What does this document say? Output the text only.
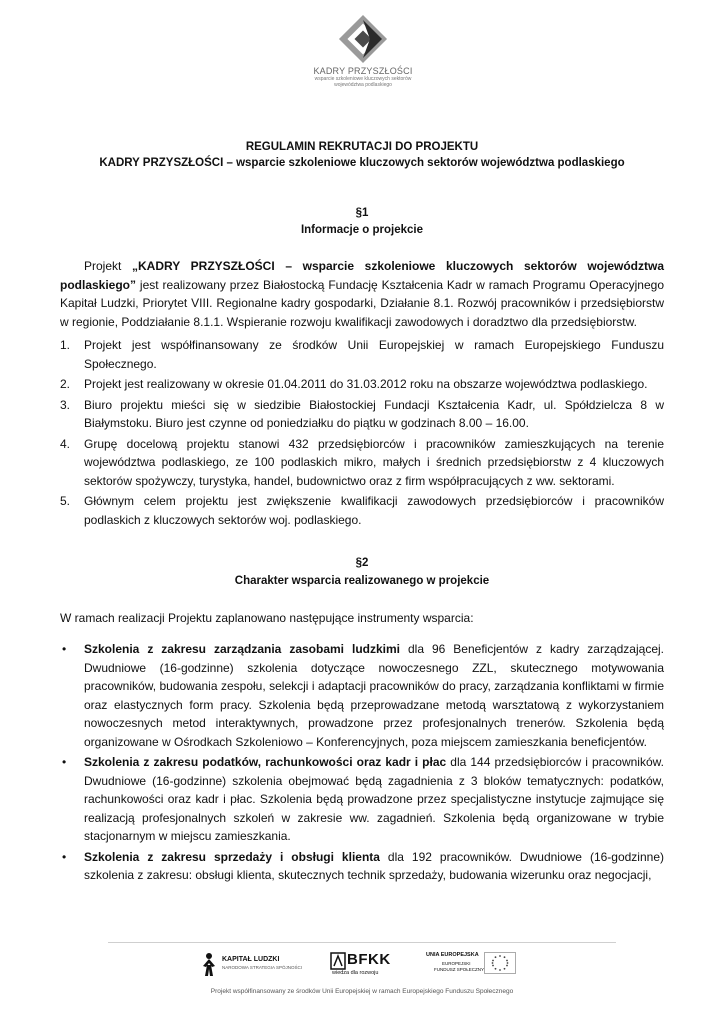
KADRY PRZYSZŁOŚCI
wsparcie szkoleniowe kluczowych sektorów
województwa podlaskiego
REGULAMIN REKRUTACJI DO PROJEKTU
KADRY PRZYSZŁOŚCI – wsparcie szkoleniowe kluczowych sektorów województwa podlaskiego
§1
Informacje o projekcie
Projekt „KADRY PRZYSZŁOŚCI – wsparcie szkoleniowe kluczowych sektorów województwa podlaskiego” jest realizowany przez Białostocką Fundację Kształcenia Kadr w ramach Programu Operacyjnego Kapitał Ludzki, Priorytet VIII. Regionalne kadry gospodarki, Działanie 8.1. Rozwój pracowników i przedsiębiorstw w regionie, Poddziałanie 8.1.1. Wspieranie rozwoju kwalifikacji zawodowych i doradztwo dla przedsiębiorstw.
1. Projekt jest współfinansowany ze środków Unii Europejskiej w ramach Europejskiego Funduszu Społecznego.
2. Projekt jest realizowany w okresie 01.04.2011 do 31.03.2012 roku na obszarze województwa podlaskiego.
3. Biuro projektu mieści się w siedzibie Białostockiej Fundacji Kształcenia Kadr, ul. Spółdzielcza 8 w Białymstoku. Biuro jest czynne od poniedziałku do piątku w godzinach 8.00 – 16.00.
4. Grupę docelową projektu stanowi 432 przedsiębiorców i pracowników zamieszkujących na terenie województwa podlaskiego, ze 100 podlaskich mikro, małych i średnich przedsiębiorstw z 4 kluczowych sektorów spożywczy, turystyka, handel, budownictwo oraz z firm współpracujących z ww. sektorami.
5. Głównym celem projektu jest zwiększenie kwalifikacji zawodowych przedsiębiorców i pracowników podlaskich z kluczowych sektorów woj. podlaskiego.
§2
Charakter wsparcia realizowanego w projekcie
W ramach realizacji Projektu zaplanowano następujące instrumenty wsparcia:
• Szkolenia z zakresu zarządzania zasobami ludzkimi dla 96 Beneficjentów z kadry zarządzającej. Dwudniowe (16-godzinne) szkolenia dotyczące nowoczesnego ZZL, skutecznego motywowania pracowników, budowania zespołu, selekcji i adaptacji pracowników do pracy, zarządzania konfliktami w firmie oraz elastycznych form pracy. Szkolenia będą przeprowadzane metodą warsztatową z wykorzystaniem nowoczesnych metod interaktywnych, prowadzone przez profesjonalnych trenerów. Szkolenia będą organizowane w Ośrodkach Szkoleniowo – Konferencyjnych, poza miejscem zamieszkania beneficjentów.
• Szkolenia z zakresu podatków, rachunkowości oraz kadr i płac dla 144 przedsiębiorców i pracowników. Dwudniowe (16-godzinne) szkolenia obejmować będą zagadnienia z 3 bloków tematycznych: podatków, rachunkowości oraz kadr i płac. Szkolenia będą prowadzone przez specjalistyczne instytucje zajmujące się realizacją profesjonalnych szkoleń w zakresie ww. zagadnień. Szkolenia będą organizowane w trybie stacjonarnym w miejscu zamieszkania.
• Szkolenia z zakresu sprzedaży i obsługi klienta dla 192 pracowników. Dwudniowe (16-godzinne) szkolenia z zakresu: obsługi klienta, skutecznych technik sprzedaży, budowania wizerunku oraz negocjacji,
KAPITAŁ LUDZKI
NARODOWA STRATEGIA SPÓJNOŚCI	BFKK
wiedza dla rozwoju
UNIA EUROPEJSKA
EUROPEJSKI
FUNDUSZ SPOŁECZNY
Projekt współfinansowany ze środków Unii Europejskiej w ramach Europejskiego Funduszu Społecznego
